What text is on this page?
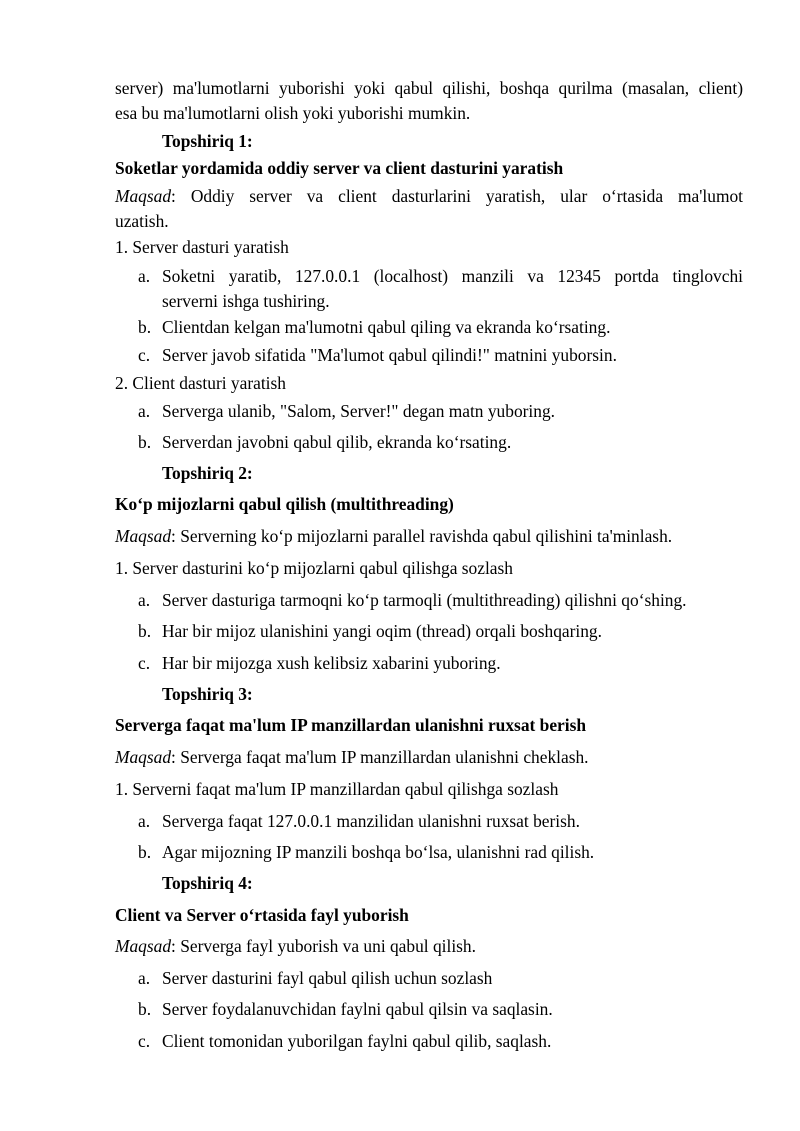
server) ma'lumotlarni yuborishi yoki qabul qilishi, boshqa qurilma (masalan, client)
esa bu ma'lumotlarni olish yoki yuborishi mumkin.
Topshiriq 1:
Soketlar yordamida oddiy server va client dasturini yaratish
Maqsad: Oddiy server va client dasturlarini yaratish, ular o‘rtasida ma'lumot
uzatish.
1. Server dasturi yaratish
a. Soketni yaratib, 127.0.0.1 (localhost) manzili va 12345 portda tinglovchi
serverni ishga tushiring.
b. Clientdan kelgan ma'lumotni qabul qiling va ekranda ko‘rsating.
c. Server javob sifatida "Ma'lumot qabul qilindi!" matnini yuborsin.
2. Client dasturi yaratish
a. Serverga ulanib, "Salom, Server!" degan matn yuboring.
b. Serverdan javobni qabul qilib, ekranda ko‘rsating.
Topshiriq 2:
Ko‘p mijozlarni qabul qilish (multithreading)
Maqsad: Serverning ko‘p mijozlarni parallel ravishda qabul qilishini ta'minlash.
1. Server dasturini ko‘p mijozlarni qabul qilishga sozlash
a. Server dasturiga tarmoqni ko‘p tarmoqli (multithreading) qilishni qo‘shing.
b. Har bir mijoz ulanishini yangi oqim (thread) orqali boshqaring.
c. Har bir mijozga xush kelibsiz xabarini yuboring.
Topshiriq 3:
Serverga faqat ma'lum IP manzillardan ulanishni ruxsat berish
Maqsad: Serverga faqat ma'lum IP manzillardan ulanishni cheklash.
1. Serverni faqat ma'lum IP manzillardan qabul qilishga sozlash
a. Serverga faqat 127.0.0.1 manzilidan ulanishni ruxsat berish.
b. Agar mijozning IP manzili boshqa bo‘lsa, ulanishni rad qilish.
Topshiriq 4:
Client va Server o‘rtasida fayl yuborish
Maqsad: Serverga fayl yuborish va uni qabul qilish.
a. Server dasturini fayl qabul qilish uchun sozlash
b. Server foydalanuvchidan faylni qabul qilsin va saqlasin.
c. Client tomonidan yuborilgan faylni qabul qilib, saqlash.
